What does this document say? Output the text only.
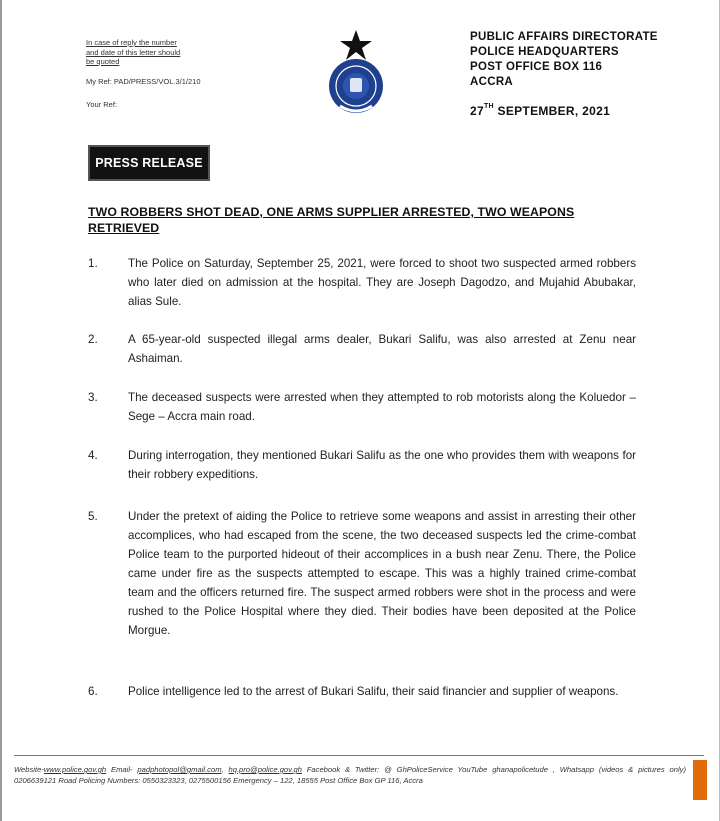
In case of reply the number and date of this letter should be quoted
My Ref: PAD/PRESS/VOL.3/1/210
Your Ref:
PUBLIC AFFAIRS DIRECTORATE
POLICE HEADQUARTERS
POST OFFICE BOX 116
ACCRA
27TH SEPTEMBER, 2021
PRESS RELEASE
TWO ROBBERS SHOT DEAD, ONE ARMS SUPPLIER ARRESTED, TWO WEAPONS RETRIEVED
1.	The Police on Saturday, September 25, 2021, were forced to shoot two suspected armed robbers who later died on admission at the hospital. They are Joseph Dagodzo, and Mujahid Abubakar, alias Sule.
2.	A 65-year-old suspected illegal arms dealer, Bukari Salifu, was also arrested at Zenu near Ashaiman.
3.	The deceased suspects were arrested when they attempted to rob motorists along the Koluedor – Sege – Accra main road.
4.	During interrogation, they mentioned Bukari Salifu as the one who provides them with weapons for their robbery expeditions.
5.	Under the pretext of aiding the Police to retrieve some weapons and assist in arresting their other accomplices, who had escaped from the scene, the two deceased suspects led the crime-combat Police team to the purported hideout of their accomplices in a bush near Zenu. There, the Police came under fire as the suspects attempted to escape. This was a highly trained crime-combat team and the officers returned fire. The suspect armed robbers were shot in the process and were rushed to the Police Hospital where they died. Their bodies have been deposited at the Police Morgue.
6.	Police intelligence led to the arrest of Bukari Salifu, their said financier and supplier of weapons.
Website-www.police.gov.gh Email- padphotopol@gmail.com, hq.pro@police.gov.gh Facebook & Twitter: @ GhPoliceService YouTube ghanapolicetude , Whatsapp (videos & pictures only) 0206639121 Road Policing Numbers: 0550323323, 0275500156 Emergency – 122, 18555 Post Office Box GP 116, Accra
